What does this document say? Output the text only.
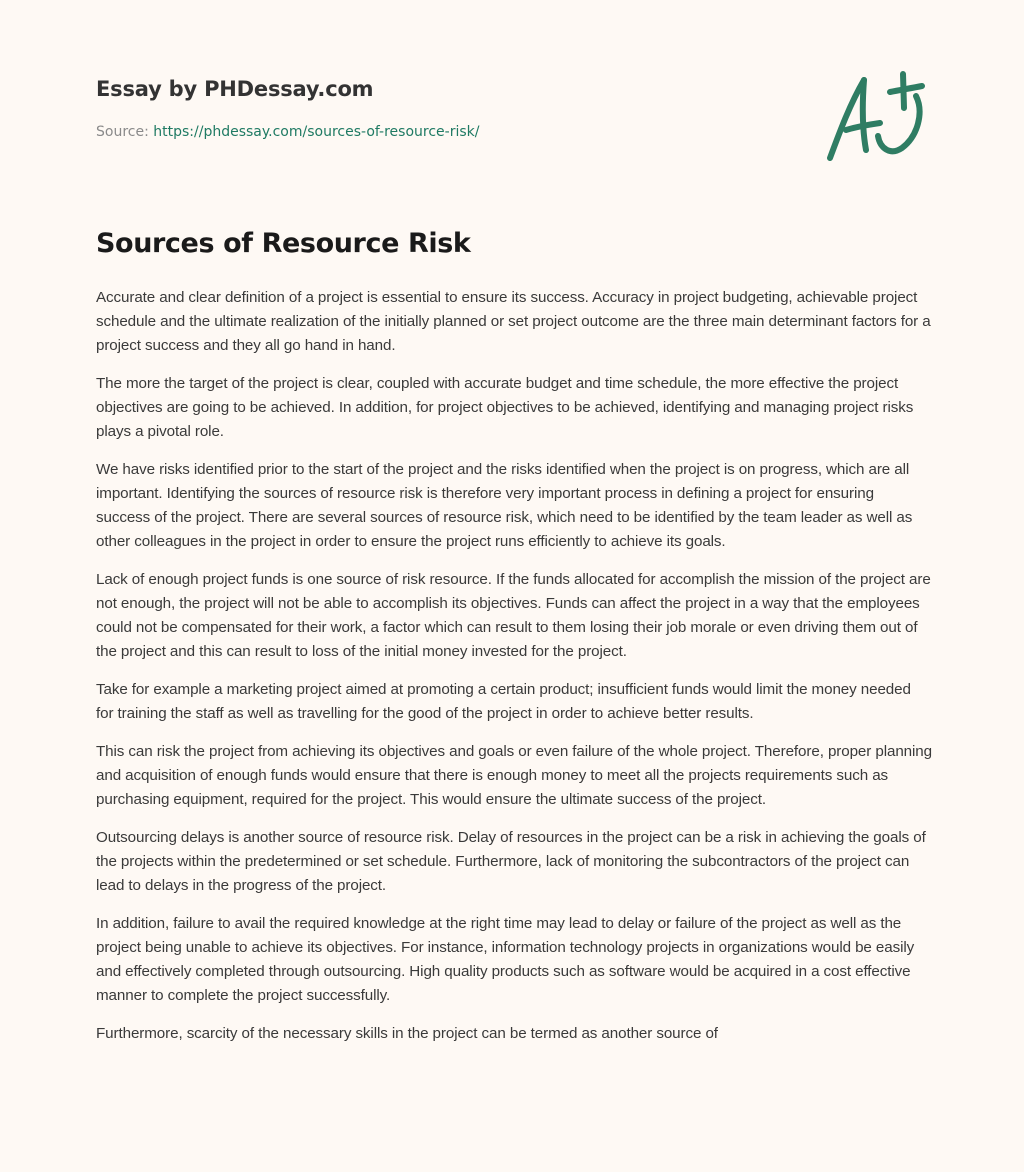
Essay by PHDessay.com
Source: https://phdessay.com/sources-of-resource-risk/
Sources of Resource Risk

Accurate and clear definition of a project is essential to ensure its success. Accuracy in project budgeting, achievable project schedule and the ultimate realization of the initially planned or set project outcome are the three main determinant factors for a project success and they all go hand in hand.

The more the target of the project is clear, coupled with accurate budget and time schedule, the more effective the project objectives are going to be achieved. In addition, for project objectives to be achieved, identifying and managing project risks plays a pivotal role.

We have risks identified prior to the start of the project and the risks identified when the project is on progress, which are all important. Identifying the sources of resource risk is therefore very important process in defining a project for ensuring success of the project. There are several sources of resource risk, which need to be identified by the team leader as well as other colleagues in the project in order to ensure the project runs efficiently to achieve its goals.

Lack of enough project funds is one source of risk resource. If the funds allocated for accomplish the mission of the project are not enough, the project will not be able to accomplish its objectives. Funds can affect the project in a way that the employees could not be compensated for their work, a factor which can result to them losing their job morale or even driving them out of the project and this can result to loss of the initial money invested for the project.

Take for example a marketing project aimed at promoting a certain product; insufficient funds would limit the money needed for training the staff as well as travelling for the good of the project in order to achieve better results.

This can risk the project from achieving its objectives and goals or even failure of the whole project. Therefore, proper planning and acquisition of enough funds would ensure that there is enough money to meet all the projects requirements such as purchasing equipment, required for the project. This would ensure the ultimate success of the project.

Outsourcing delays is another source of resource risk. Delay of resources in the project can be a risk in achieving the goals of the projects within the predetermined or set schedule. Furthermore, lack of monitoring the subcontractors of the project can lead to delays in the progress of the project.

In addition, failure to avail the required knowledge at the right time may lead to delay or failure of the project as well as the project being unable to achieve its objectives. For instance, information technology projects in organizations would be easily and effectively completed through outsourcing. High quality products such as software would be acquired in a cost effective manner to complete the project successfully.

Furthermore, scarcity of the necessary skills in the project can be termed as another source of
